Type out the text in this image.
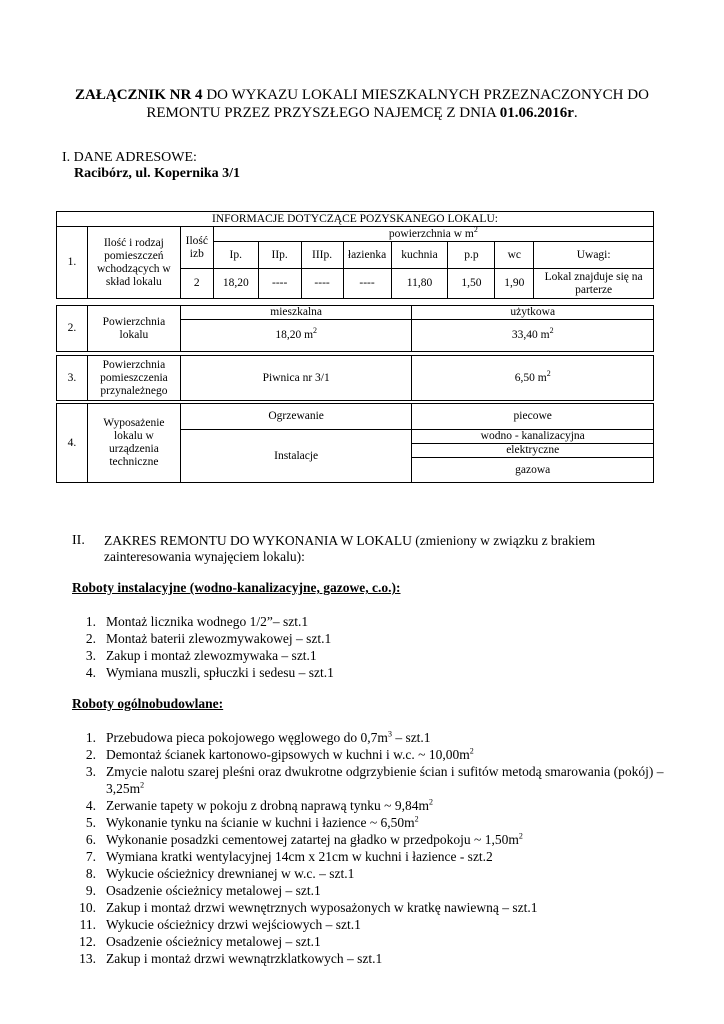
ZAŁĄCZNIK NR 4 DO WYKAZU LOKALI MIESZKALNYCH PRZEZNACZONYCH DO REMONTU PRZEZ PRZYSZŁEGO NAJEMCĘ Z DNIA 01.06.2016r.
I. DANE ADRESOWE:
Racibórz, ul. Kopernika 3/1
INFORMACJE DOTYCZĄCE POZYSKANEGO LOKALU:										
1.	Ilość i rodzaj pomieszczeń wchodzących w skład lokalu	Ilość izb	powierzchnia w $m^2$
			Ip.	IIp.	IIIp.	łazienka	kuchnia	p.p	wc	Uwagi:
		2	18,20	----	----	----	11,80	1,50	1,90	Lokal znajduje się na parterze
2.	Powierzchnia lokalu	mieszkalna	użytkowa
		18,20 $m^2$	33,40 $m^2$
3.	Powierzchnia pomieszczenia przynależnego	Piwnica nr 3/1	6,50 $m^2$
4.	Wyposażenie lokalu w urządzenia techniczne	Ogrzewanie	piecowe
		Instalacje	wodno - kanalizacyjna
			elektryczne
			gazowa
II. ZAKRES REMONTU DO WYKONANIA W LOKALU (zmieniony w związku z brakiem zainteresowania wynajęciem lokalu):
Roboty instalacyjne (wodno-kanalizacyjne, gazowe, c.o.):
1. Montaż licznika wodnego 1/2”– szt.1
2. Montaż baterii zlewozmywakowej – szt.1
3. Zakup i montaż zlewozmywaka – szt.1
4. Wymiana muszli, spłuczki i sedesu – szt.1
Roboty ogólnobudowlane:
1. Przebudowa pieca pokojowego węglowego do $0,7m^3 - szt.1$
2. Demontaż ścianek kartonowo-gipsowych w kuchni i w.c. ~ $10,00m^2$
3. Zmycie nalotu szarej pleśni oraz dwukrotne odgrzybienie ścian i sufitów metodą smarowania (pokój) – $3,25m^2$
4. Zerwanie tapety w pokoju z drobną naprawą tynku ~ $9,84m^2$
5. Wykonanie tynku na ścianie w kuchni i łazience ~ $6,50m^2$
6. Wykonanie posadzki cementowej zatartej na gładko w przedpokoju ~ $1,50m^2$
7. Wymiana kratki wentylacyjnej 14cm x 21cm w kuchni i łazience - szt.2
8. Wykucie ościeżnicy drewnianej w w.c. – szt.1
9. Osadzenie ościeżnicy metalowej – szt.1
10. Zakup i montaż drzwi wewnętrznych wyposażonych w kratkę nawiewną – szt.1
11. Wykucie ościeżnicy drzwi wejściowych – szt.1
12. Osadzenie ościeżnicy metalowej – szt.1
13. Zakup i montaż drzwi wewnątrzklatkowych – szt.1
